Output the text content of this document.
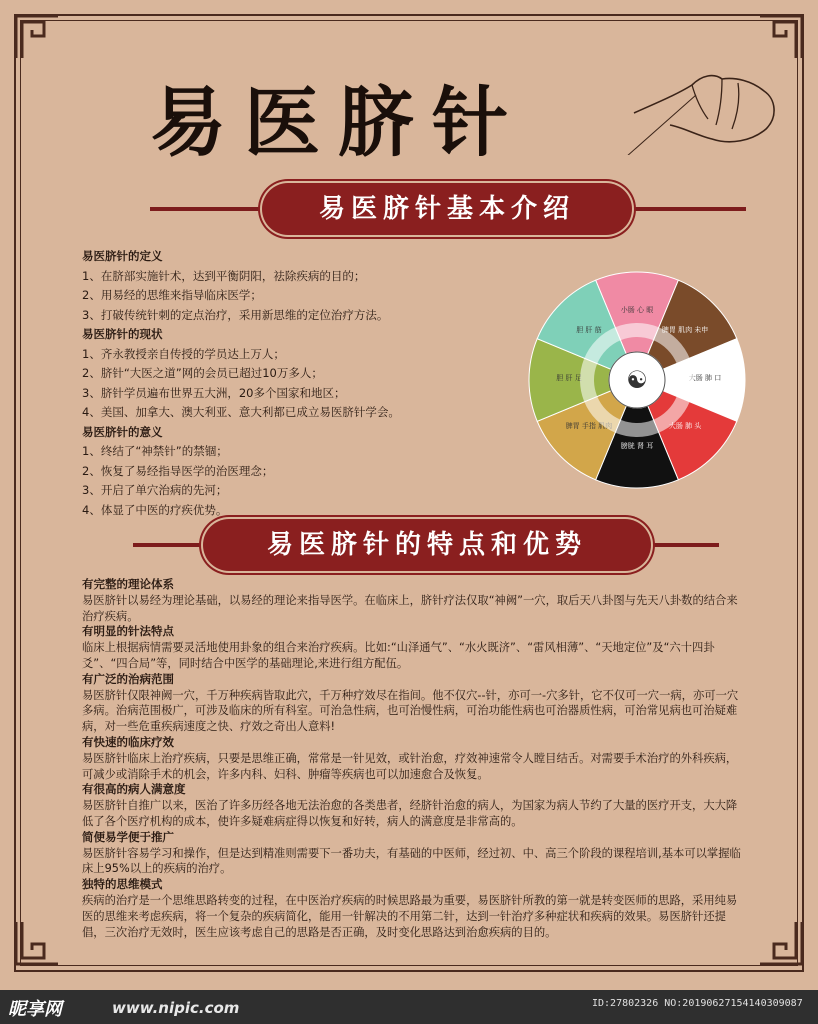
易医脐针
易医脐针基本介绍
易医脐针的定义
1、在脐部实施针术，达到平衡阴阳，祛除疾病的目的；
2、用易经的思维来指导临床医学；
3、打破传统针刺的定点治疗，采用新思维的定位治疗方法。
易医脐针的现状
1、齐永教授亲自传授的学员达上万人；
2、脐针“大医之道”网的会员已超过10万多人；
3、脐针学员遍布世界五大洲，20多个国家和地区；
4、美国、加拿大、澳大利亚、意大利都已成立易医脐针学会。
易医脐针的意义
1、终结了“神禁针”的禁锢；
2、恢复了易经指导医学的治医理念；
3、开启了单穴治病的先河；
4、体显了中医的疗疾优势。
小肠 心 眼
脾胃 肌肉 未申
大肠 肺 口
大肠 肺 头
膀胱 肾 耳
脾胃 手指 肌肉
胆 肝 足
胆 肝 筋
☯
易医脐针的特点和优势
有完整的理论体系

易医脐针以易经为理论基础，以易经的理论来指导医学。在临床上，脐针疗法仅取“神阙”一穴，取后天八卦图与先天八卦数的结合来治疗疾病。

有明显的针法特点

临床上根据病情需要灵活地使用卦象的组合来治疗疾病。比如:“山泽通气”、“水火既济”、“雷风相薄”、“天地定位”及“六十四卦爻”、“四合局”等，同时结合中医学的基础理论,来进行组方配伍。

有广泛的治病范围

易医脐针仅限神阙一穴，千万种疾病皆取此穴，千万种疗效尽在指间。他不仅穴--针，亦可一-穴多针，它不仅可一穴一病，亦可一穴多病。治病范围极广，可涉及临床的所有科室。可治急性病，也可治慢性病，可治功能性病也可治器质性病，可治常见病也可治疑难病，对一些危重疾病速度之快、疗效之奇出人意料!

有快速的临床疗效

易医脐针临床上治疗疾病，只要是思维正确，常常是一针见效，或针治愈，疗效神速常令人瞠目结舌。对需要手术治疗的外科疾病，可减少或消除手术的机会，许多内科、妇科、肿瘤等疾病也可以加速愈合及恢复。

有很高的病人满意度

易医脐针自推广以来，医治了许多历经各地无法治愈的各类患者，经脐针治愈的病人，为国家为病人节约了大量的医疗开支，大大降低了各个医疗机构的成本，使许多疑难病症得以恢复和好转，病人的满意度是非常高的。

简便易学便于推广

易医脐针容易学习和操作，但是达到精准则需要下一番功夫，有基础的中医师，经过初、中、高三个阶段的课程培训,基本可以掌握临床上95%以上的疾病的治疗。

独特的思维模式

疾病的治疗是一个思维思路转变的过程，在中医治疗疾病的时候思路最为重要，易医脐针所教的第一就是转变医师的思路，采用纯易医的思维来考虑疾病，将一个复杂的疾病简化，能用一针解决的不用第二针，达到一针治疗多种症状和疾病的效果。易医脐针还提倡，三次治疗无效时，医生应该考虑自己的思路是否正确，及时变化思路达到治愈疾病的目的。

昵享网	www.nipic.com	ID:27802326 NO:20190627154140309087
